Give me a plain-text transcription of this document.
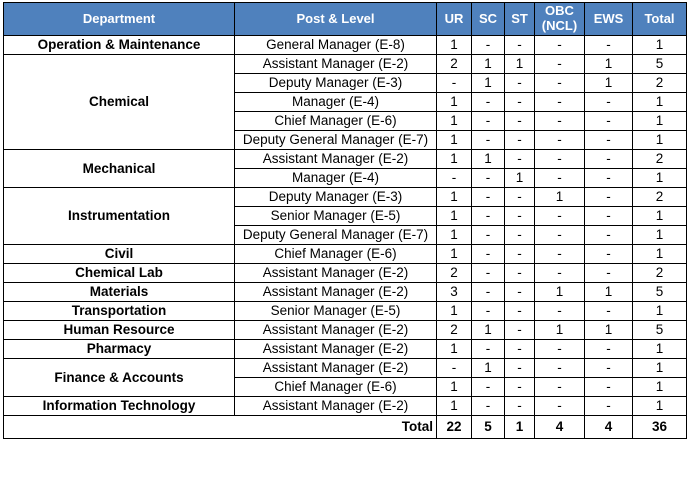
Department	Post & Level	UR	SC	ST	OBC (NCL)	EWS	Total
Operation & Maintenance	General Manager (E-8)	1	-	-	-	-	1
Chemical	Assistant Manager (E-2)	2	1	1	-	1	5
	Deputy Manager (E-3)	-	1	-	-	1	2
	Manager (E-4)	1	-	-	-	-	1
	Chief Manager (E-6)	1	-	-	-	-	1
	Deputy General Manager (E-7)	1	-	-	-	-	1
Mechanical	Assistant Manager (E-2)	1	1	-	-	-	2
	Manager (E-4)	-	-	1	-	-	1
Instrumentation	Deputy Manager (E-3)	1	-	-	1	-	2
	Senior Manager (E-5)	1	-	-	-	-	1
	Deputy General Manager (E-7)	1	-	-	-	-	1
Civil	Chief Manager (E-6)	1	-	-	-	-	1
Chemical Lab	Assistant Manager (E-2)	2	-	-	-	-	2
Materials	Assistant Manager (E-2)	3	-	-	1	1	5
Transportation	Senior Manager (E-5)	1	-	-	-	-	1
Human Resource	Assistant Manager (E-2)	2	1	-	1	1	5
Pharmacy	Assistant Manager (E-2)	1	-	-	-	-	1
Finance & Accounts	Assistant Manager (E-2)	-	1	-	-	-	1
	Chief Manager (E-6)	1	-	-	-	-	1
Information Technology	Assistant Manager (E-2)	1	-	-	-	-	1
Total		22	5	1	4	4	36
